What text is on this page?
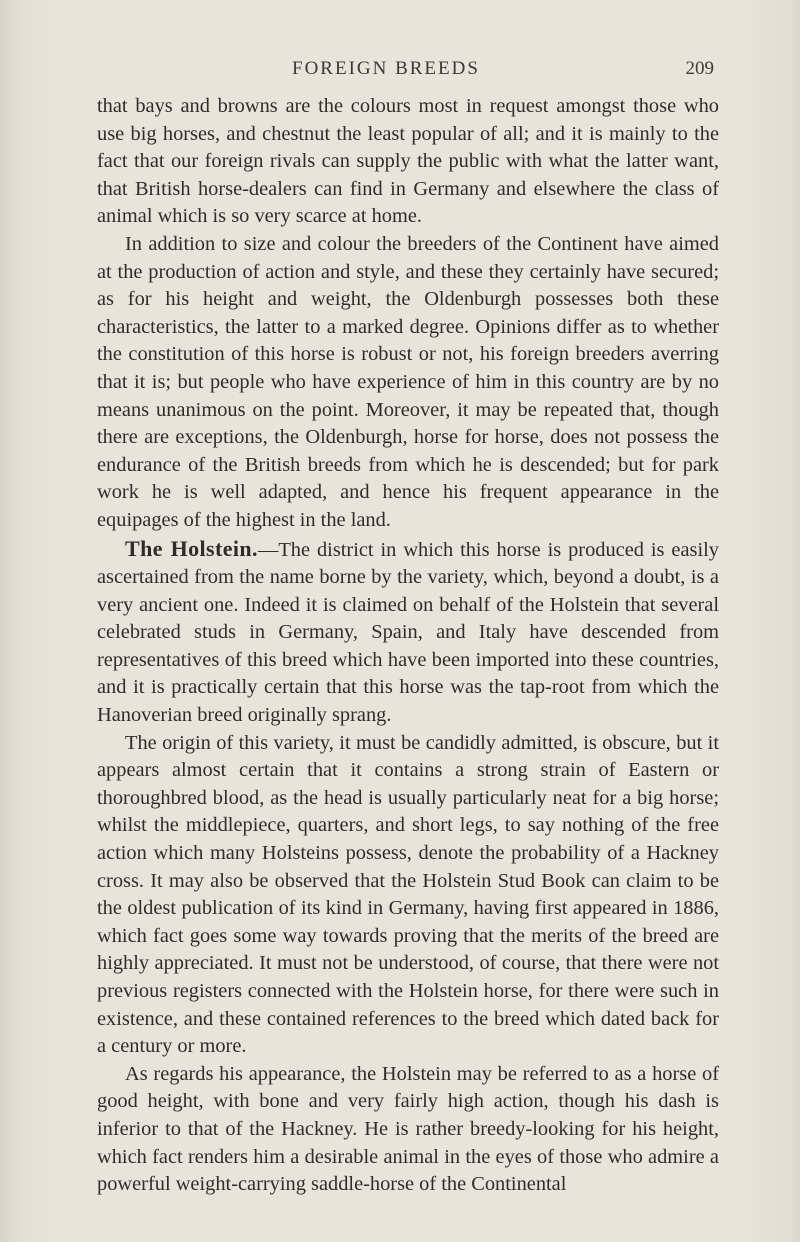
FOREIGN BREEDS	209

that bays and browns are the colours most in request amongst those who use big horses, and chestnut the least popular of all; and it is mainly to the fact that our foreign rivals can supply the public with what the latter want, that British horse-dealers can find in Germany and elsewhere the class of animal which is so very scarce at home.

In addition to size and colour the breeders of the Continent have aimed at the production of action and style, and these they certainly have secured; as for his height and weight, the Oldenburgh possesses both these characteristics, the latter to a marked degree. Opinions differ as to whether the constitution of this horse is robust or not, his foreign breeders averring that it is; but people who have experience of him in this country are by no means unanimous on the point. Moreover, it may be repeated that, though there are exceptions, the Oldenburgh, horse for horse, does not possess the endurance of the British breeds from which he is descended; but for park work he is well adapted, and hence his frequent appearance in the equipages of the highest in the land.

The Holstein.—The district in which this horse is produced is easily ascertained from the name borne by the variety, which, beyond a doubt, is a very ancient one. Indeed it is claimed on behalf of the Holstein that several celebrated studs in Germany, Spain, and Italy have descended from representatives of this breed which have been imported into these countries, and it is practically certain that this horse was the tap-root from which the Hanoverian breed originally sprang.

The origin of this variety, it must be candidly admitted, is obscure, but it appears almost certain that it contains a strong strain of Eastern or thoroughbred blood, as the head is usually particularly neat for a big horse; whilst the middlepiece, quarters, and short legs, to say nothing of the free action which many Holsteins possess, denote the probability of a Hackney cross. It may also be observed that the Holstein Stud Book can claim to be the oldest publication of its kind in Germany, having first appeared in 1886, which fact goes some way towards proving that the merits of the breed are highly appreciated. It must not be understood, of course, that there were not previous registers connected with the Holstein horse, for there were such in existence, and these contained references to the breed which dated back for a century or more.

As regards his appearance, the Holstein may be referred to as a horse of good height, with bone and very fairly high action, though his dash is inferior to that of the Hackney. He is rather breedy-looking for his height, which fact renders him a desirable animal in the eyes of those who admire a powerful weight-carrying saddle-horse of the Continental
